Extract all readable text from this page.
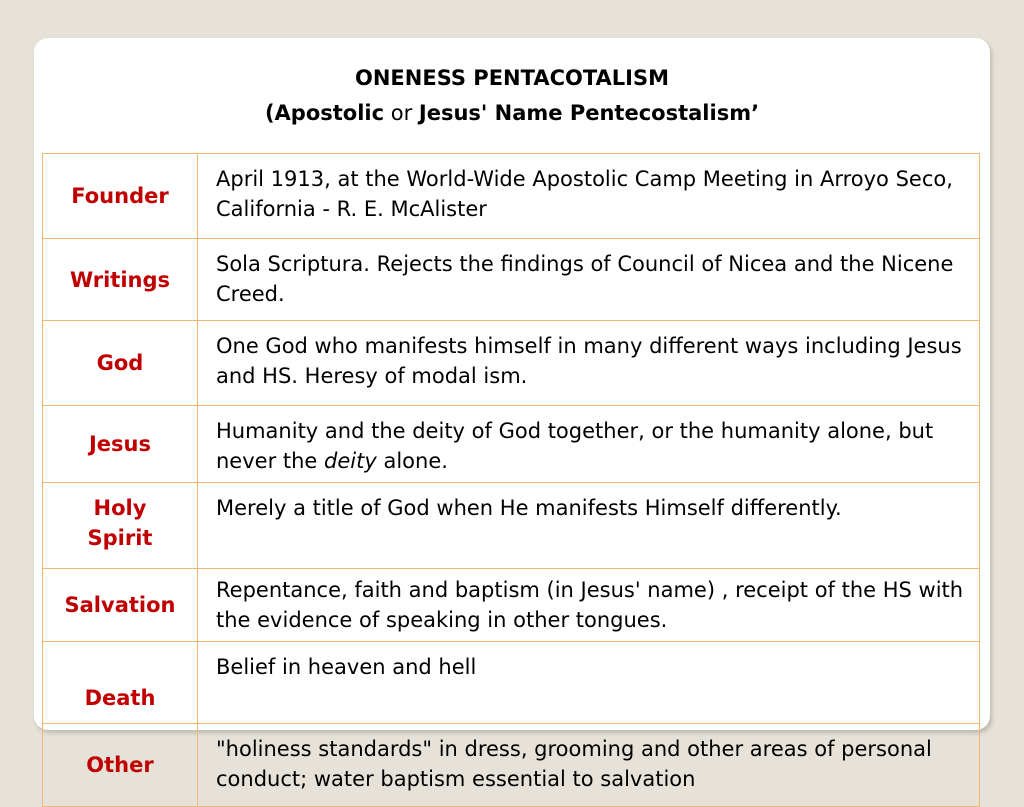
ONENESS PENTACOTALISM
(Apostolic or Jesus' Name Pentecostalism’
Founder	April 1913, at the World-Wide Apostolic Camp Meeting in Arroyo Seco, California - R. E. McAlister
Writings	Sola Scriptura. Rejects the findings of Council of Nicea and the Nicene Creed.
God	One God who manifests himself in many different ways including Jesus and HS. Heresy of modal ism.
Jesus	Humanity and the deity of God together, or the humanity alone, but never the deity alone.
Holy Spirit	Merely a title of God when He manifests Himself differently.
Salvation	Repentance, faith and baptism (in Jesus' name) , receipt of the HS with the evidence of speaking in other tongues.
Death	Belief in heaven and hell
Other	"holiness standards" in dress, grooming and other areas of personal conduct; water baptism essential to salvation
